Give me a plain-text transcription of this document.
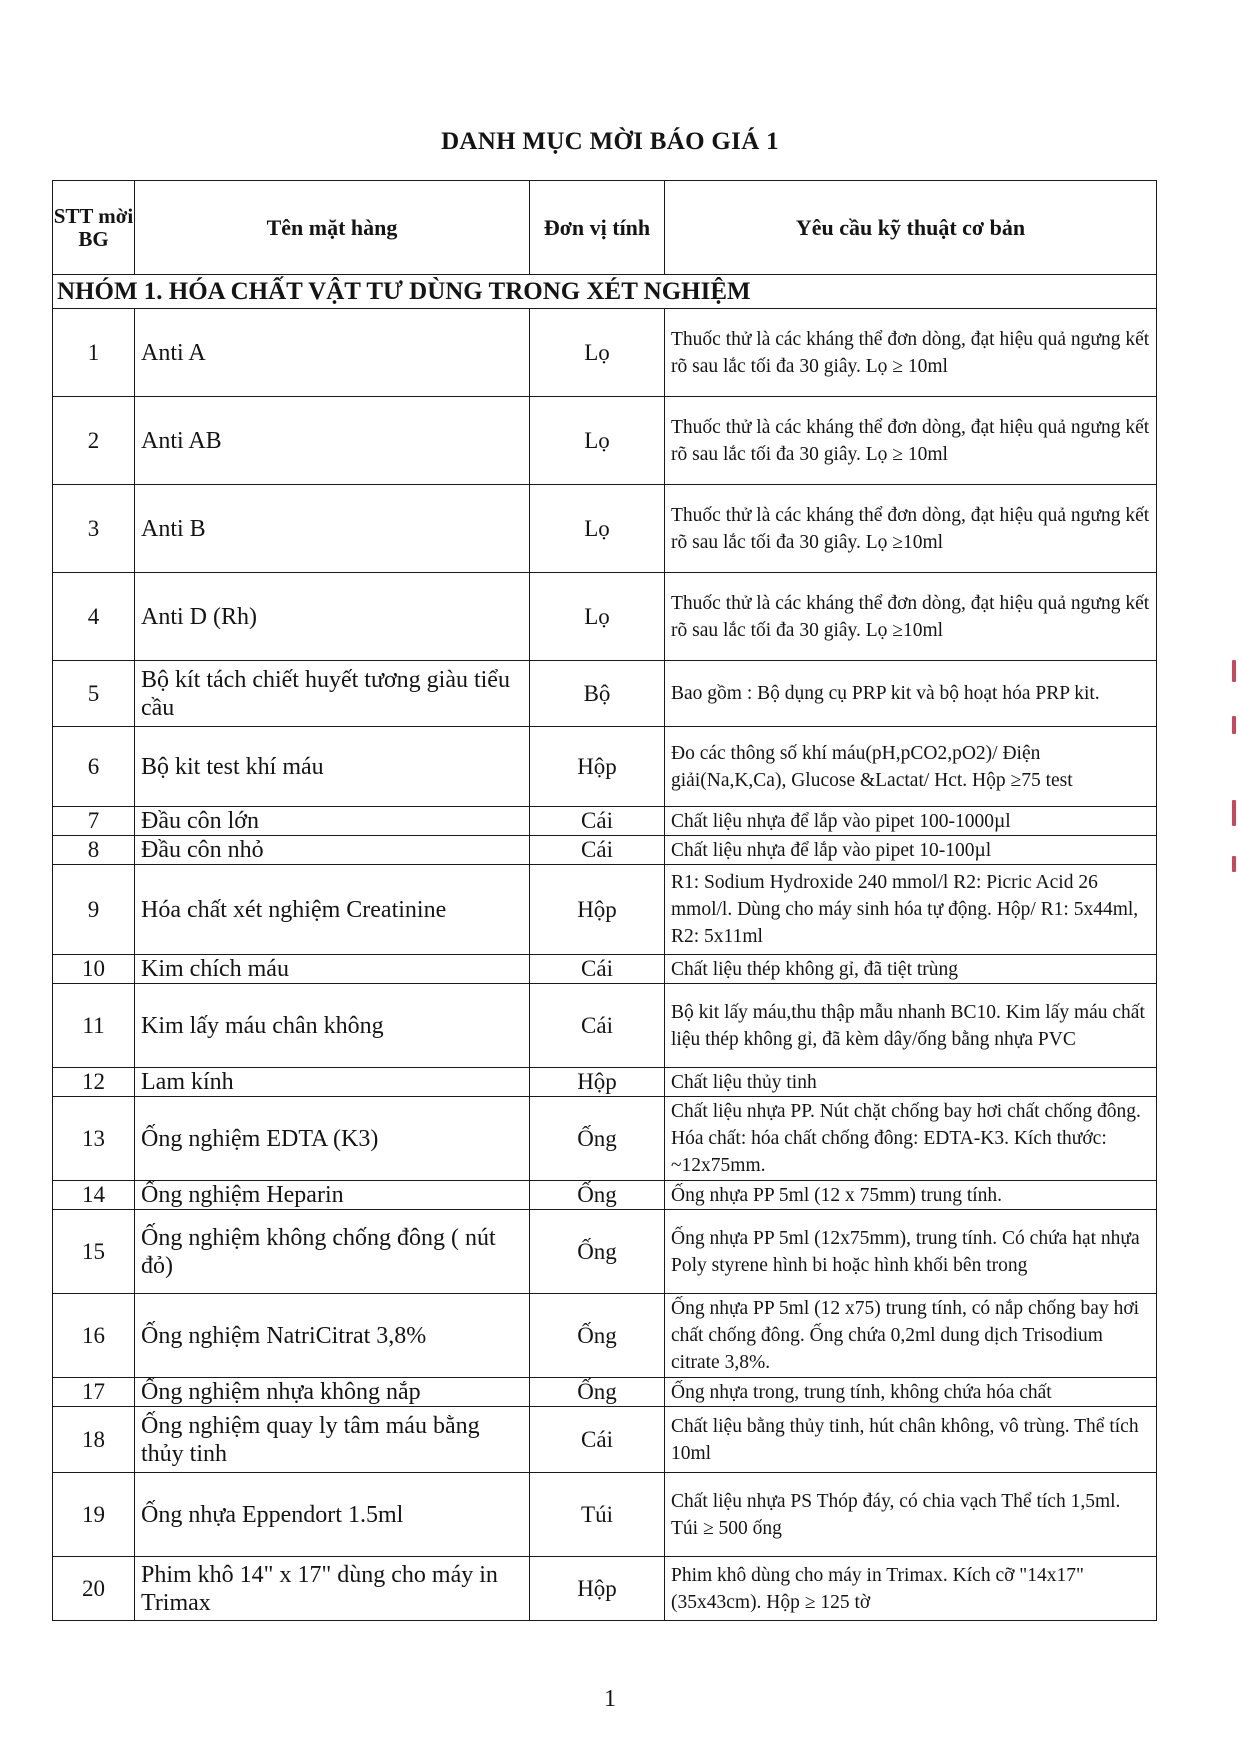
DANH MỤC MỜI BÁO GIÁ 1
STT mời BG	Tên mặt hàng	Đơn vị tính	Yêu cầu kỹ thuật cơ bản
NHÓM 1. HÓA CHẤT VẬT TƯ DÙNG TRONG XÉT NGHIỆM			
1	Anti A	Lọ	Thuốc thử là các kháng thể đơn dòng, đạt hiệu quả ngưng kết rõ sau lắc tối đa 30 giây. Lọ ≥ 10ml
2	Anti AB	Lọ	Thuốc thử là các kháng thể đơn dòng, đạt hiệu quả ngưng kết rõ sau lắc tối đa 30 giây. Lọ ≥ 10ml
3	Anti B	Lọ	Thuốc thử là các kháng thể đơn dòng, đạt hiệu quả ngưng kết rõ sau lắc tối đa 30 giây. Lọ ≥10ml
4	Anti D (Rh)	Lọ	Thuốc thử là các kháng thể đơn dòng, đạt hiệu quả ngưng kết rõ sau lắc tối đa 30 giây. Lọ ≥10ml
5	Bộ kít tách chiết huyết tương giàu tiểu cầu	Bộ	Bao gồm : Bộ dụng cụ PRP kit và bộ hoạt hóa PRP kit.
6	Bộ kit test khí máu	Hộp	Đo các thông số khí máu(pH,pCO2,pO2)/ Điện giải(Na,K,Ca), Glucose &Lactat/ Hct. Hộp ≥75 test
7	Đầu côn lớn	Cái	Chất liệu nhựa để lắp vào pipet 100-1000µl
8	Đầu côn nhỏ	Cái	Chất liệu nhựa để lắp vào pipet 10-100µl
9	Hóa chất xét nghiệm Creatinine	Hộp	R1: Sodium Hydroxide 240 mmol/l R2: Picric Acid 26 mmol/l. Dùng cho máy sinh hóa tự động. Hộp/ R1: 5x44ml, R2: 5x11ml
10	Kim chích máu	Cái	Chất liệu thép không gỉ, đã tiệt trùng
11	Kim lấy máu chân không	Cái	Bộ kit lấy máu,thu thập mẫu nhanh BC10. Kim lấy máu chất liệu thép không gỉ, đã kèm dây/ống bằng nhựa PVC
12	Lam kính	Hộp	Chất liệu thủy tinh
13	Ống nghiệm EDTA (K3)	Ống	Chất liệu nhựa PP. Nút chặt chống bay hơi chất chống đông. Hóa chất: hóa chất chống đông: EDTA-K3. Kích thước: ~12x75mm.
14	Ống nghiệm Heparin	Ống	Ống nhựa PP 5ml (12 x 75mm) trung tính.
15	Ống nghiệm không chống đông ( nút đỏ)	Ống	Ống nhựa PP 5ml (12x75mm), trung tính. Có chứa hạt nhựa Poly styrene hình bi hoặc hình khối bên trong
16	Ống nghiệm NatriCitrat 3,8%	Ống	Ống nhựa PP 5ml (12 x75) trung tính, có nắp chống bay hơi chất chống đông. Ống chứa 0,2ml dung dịch Trisodium citrate 3,8%.
17	Ống nghiệm nhựa không nắp	Ống	Ống nhựa trong, trung tính, không chứa hóa chất
18	Ống nghiệm quay ly tâm máu bằng thủy tinh	Cái	Chất liệu bằng thủy tinh, hút chân không, vô trùng. Thể tích 10ml
19	Ống nhựa Eppendort 1.5ml	Túi	Chất liệu nhựa PS Thóp đáy, có chia vạch Thể tích 1,5ml. Túi ≥ 500 ống
20	Phim khô 14" x 17" dùng cho máy in Trimax	Hộp	Phim khô dùng cho máy in Trimax. Kích cỡ "14x17" (35x43cm). Hộp ≥ 125 tờ
1
